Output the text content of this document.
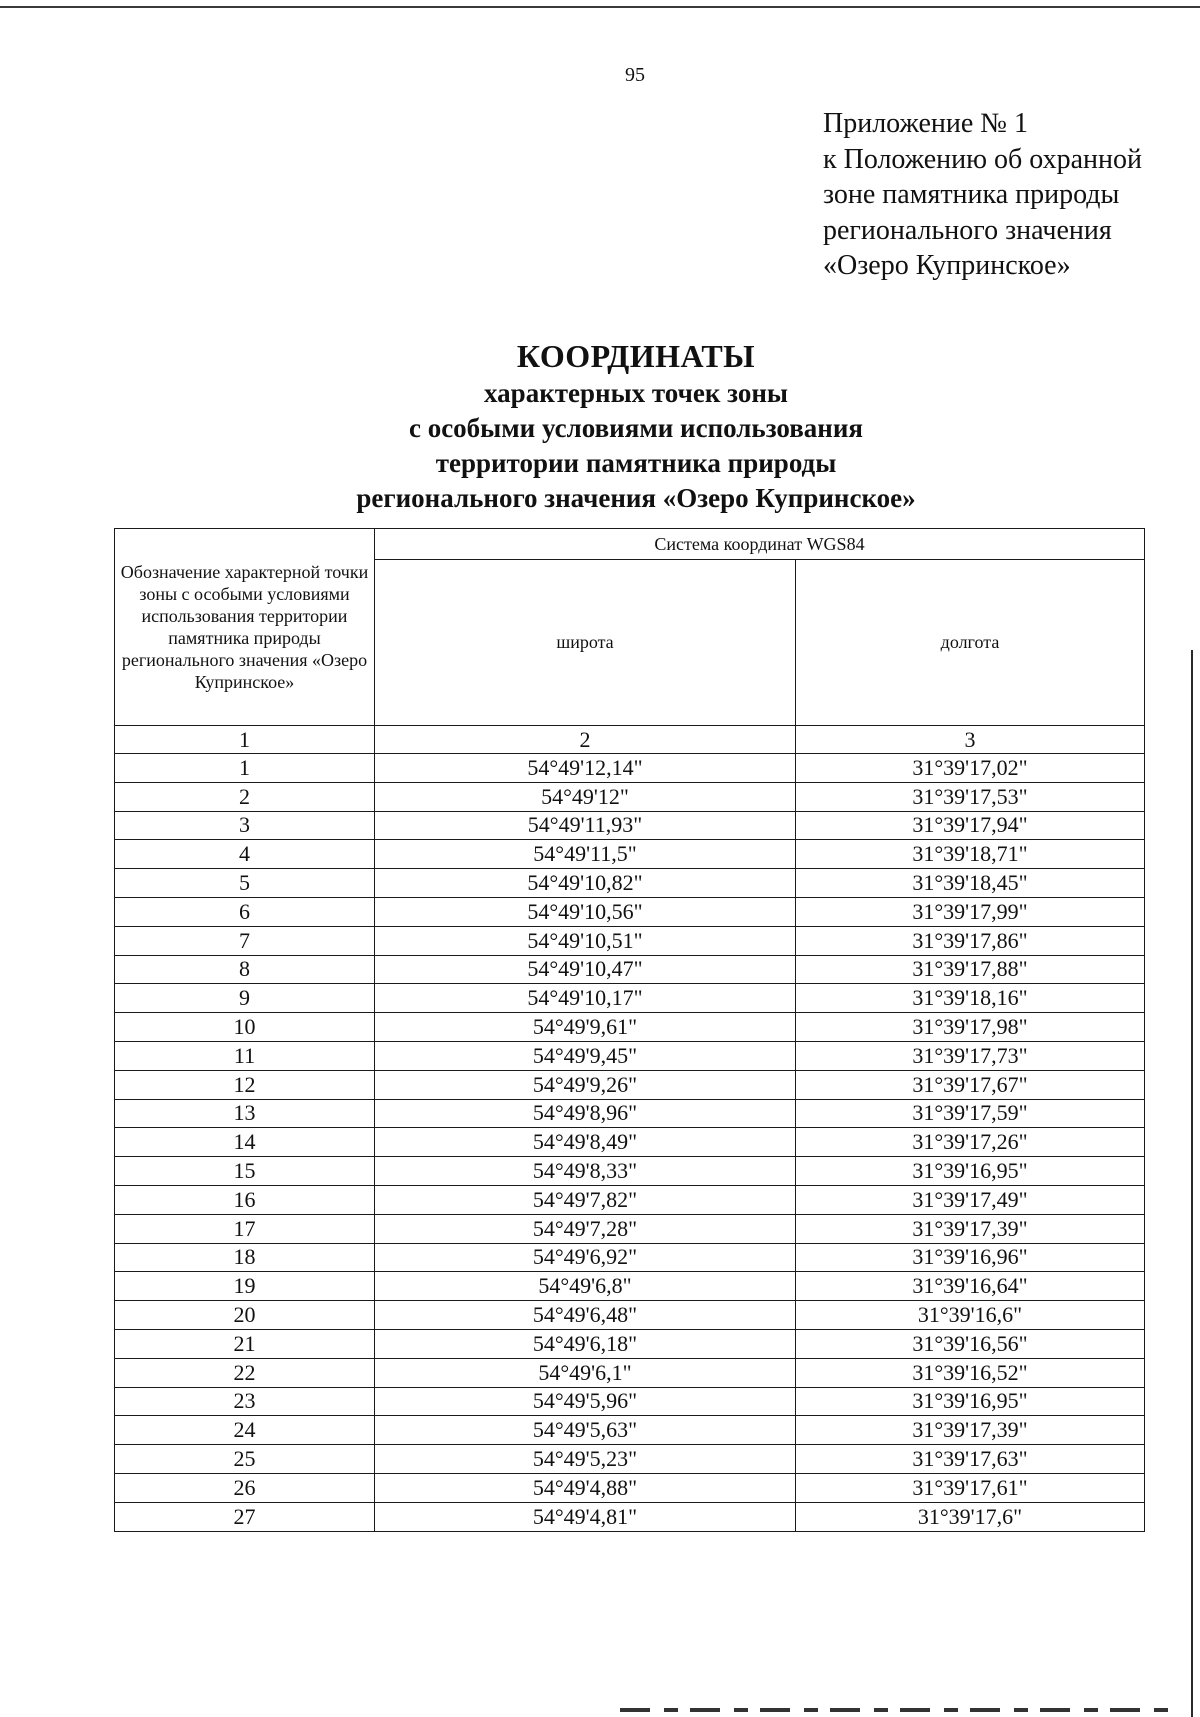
95
Приложение № 1
к Положению об охранной
зоне памятника природы
регионального значения
«Озеро Купринское»
КООРДИНАТЫ
характерных точек зоны
с особыми условиями использования
территории памятника природы
регионального значения «Озеро Купринское»
Обозначение характерной точки зоны с особыми условиями использования территории памятника природы регионального значения «Озеро Купринское»	Система координат WGS84	
	широта	долгота
1	2	3
1	54°49'12,14"	31°39'17,02"
2	54°49'12"	31°39'17,53"
3	54°49'11,93"	31°39'17,94"
4	54°49'11,5"	31°39'18,71"
5	54°49'10,82"	31°39'18,45"
6	54°49'10,56"	31°39'17,99"
7	54°49'10,51"	31°39'17,86"
8	54°49'10,47"	31°39'17,88"
9	54°49'10,17"	31°39'18,16"
10	54°49'9,61"	31°39'17,98"
11	54°49'9,45"	31°39'17,73"
12	54°49'9,26"	31°39'17,67"
13	54°49'8,96"	31°39'17,59"
14	54°49'8,49"	31°39'17,26"
15	54°49'8,33"	31°39'16,95"
16	54°49'7,82"	31°39'17,49"
17	54°49'7,28"	31°39'17,39"
18	54°49'6,92"	31°39'16,96"
19	54°49'6,8"	31°39'16,64"
20	54°49'6,48"	31°39'16,6"
21	54°49'6,18"	31°39'16,56"
22	54°49'6,1"	31°39'16,52"
23	54°49'5,96"	31°39'16,95"
24	54°49'5,63"	31°39'17,39"
25	54°49'5,23"	31°39'17,63"
26	54°49'4,88"	31°39'17,61"
27	54°49'4,81"	31°39'17,6"
